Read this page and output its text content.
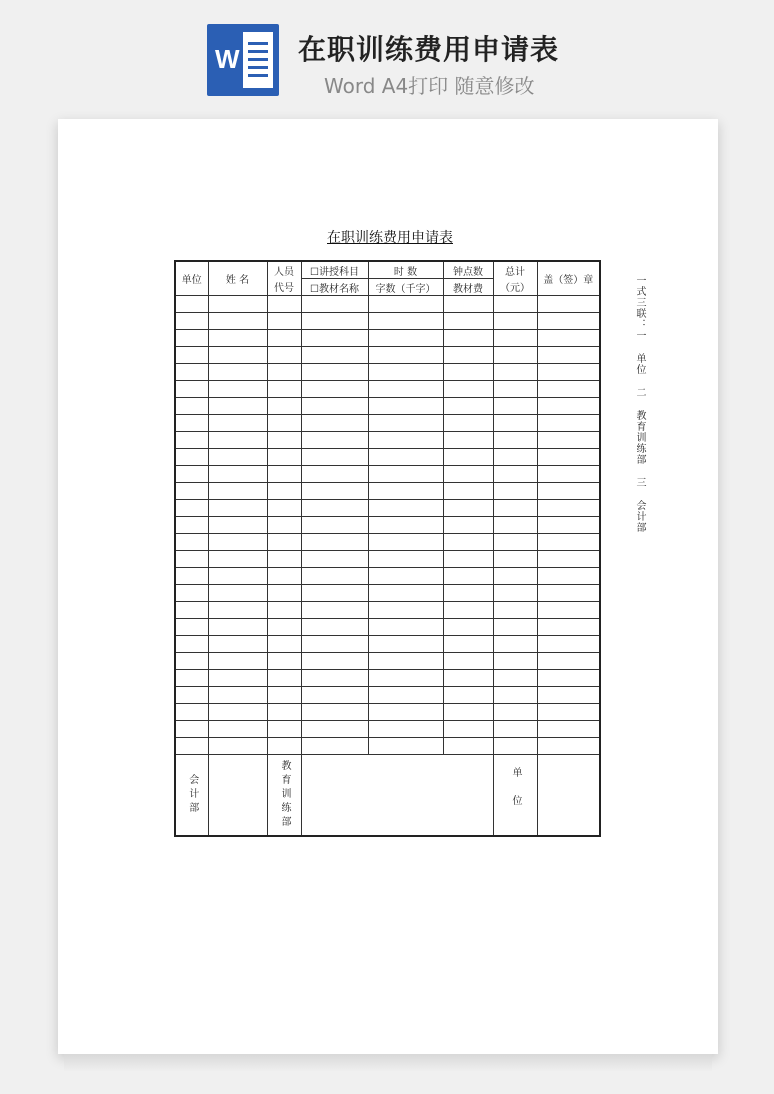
W 在职训练费用申请表
Word A4打印 随意修改
在职训练费用申请表
单位	姓 名	人员	☐讲授科目	时 数	钟点数	总计	盖（签）章
		代号	☐教材名称	字数（千字）	教材费	（元）	

会计部		教育训练部				单位	
一式三联：一 单位 二 教育训练部 三 会计部
